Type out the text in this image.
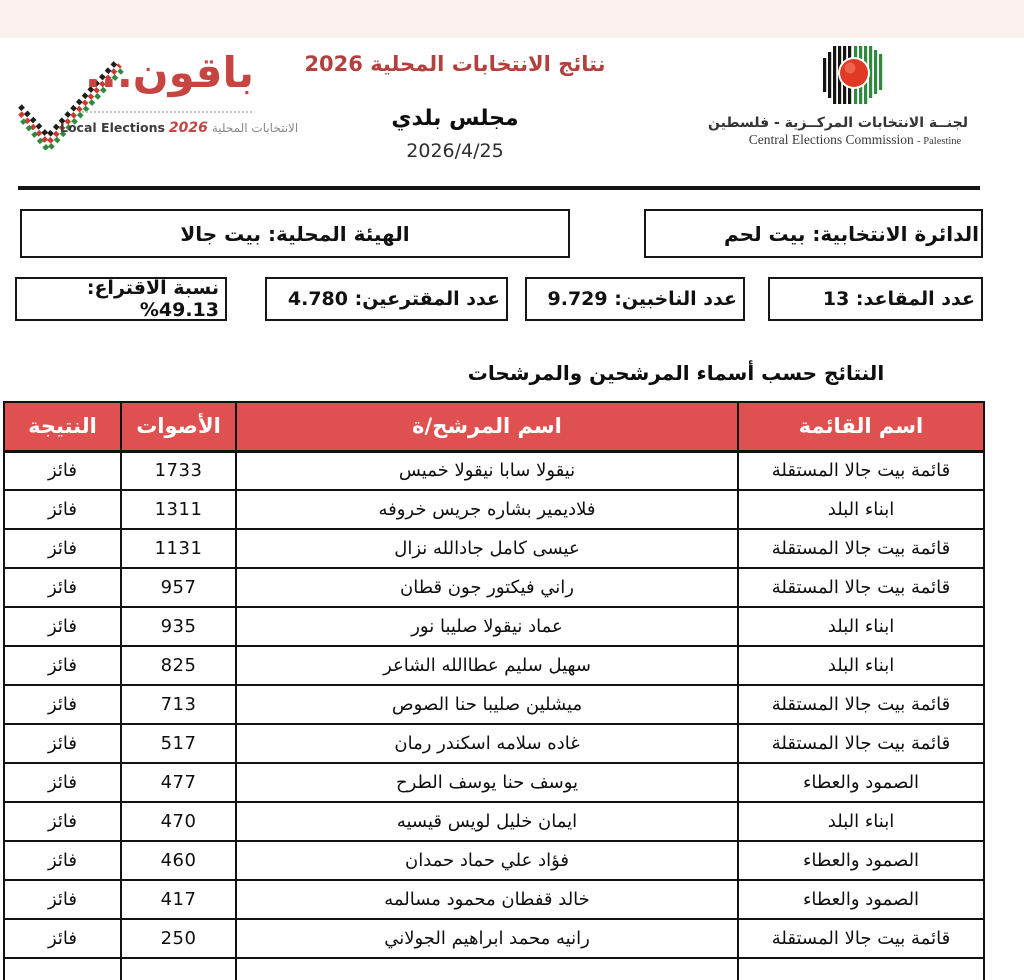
باقون...
Local Elections 2026 الانتخابات المحلية
نتائج الانتخابات المحلية 2026
مجلس بلدي
2026/4/25
لجنــة الانتخابات المركــزية - فلسطين
Central Elections Commission - Palestine
الدائرة الانتخابية: بيت لحم
الهيئة المحلية: بيت جالا
عدد المقاعد: 13
عدد الناخبين: 9.729
عدد المقترعين: 4.780
نسبة الاقتراع: 49.13%
النتائج حسب أسماء المرشحين والمرشحات
اسم القائمة	اسم المرشح/ة	الأصوات	النتيجة
قائمة بيت جالا المستقلة	نيقولا سابا نيقولا خميس	1733	فائز
ابناء البلد	فلاديمير بشاره جريس خروفه	1311	فائز
قائمة بيت جالا المستقلة	عيسى كامل جادالله نزال	1131	فائز
قائمة بيت جالا المستقلة	راني فيكتور جون قطان	957	فائز
ابناء البلد	عماد نيقولا صليبا نور	935	فائز
ابناء البلد	سهيل سليم عطاالله الشاعر	825	فائز
قائمة بيت جالا المستقلة	ميشلين صليبا حنا الصوص	713	فائز
قائمة بيت جالا المستقلة	غاده سلامه اسكندر رمان	517	فائز
الصمود والعطاء	يوسف حنا يوسف الطرح	477	فائز
ابناء البلد	ايمان خليل لويس قيسيه	470	فائز
الصمود والعطاء	فؤاد علي حماد حمدان	460	فائز
الصمود والعطاء	خالد قفطان محمود مسالمه	417	فائز
قائمة بيت جالا المستقلة	رانيه محمد ابراهيم الجولاني	250	فائز
